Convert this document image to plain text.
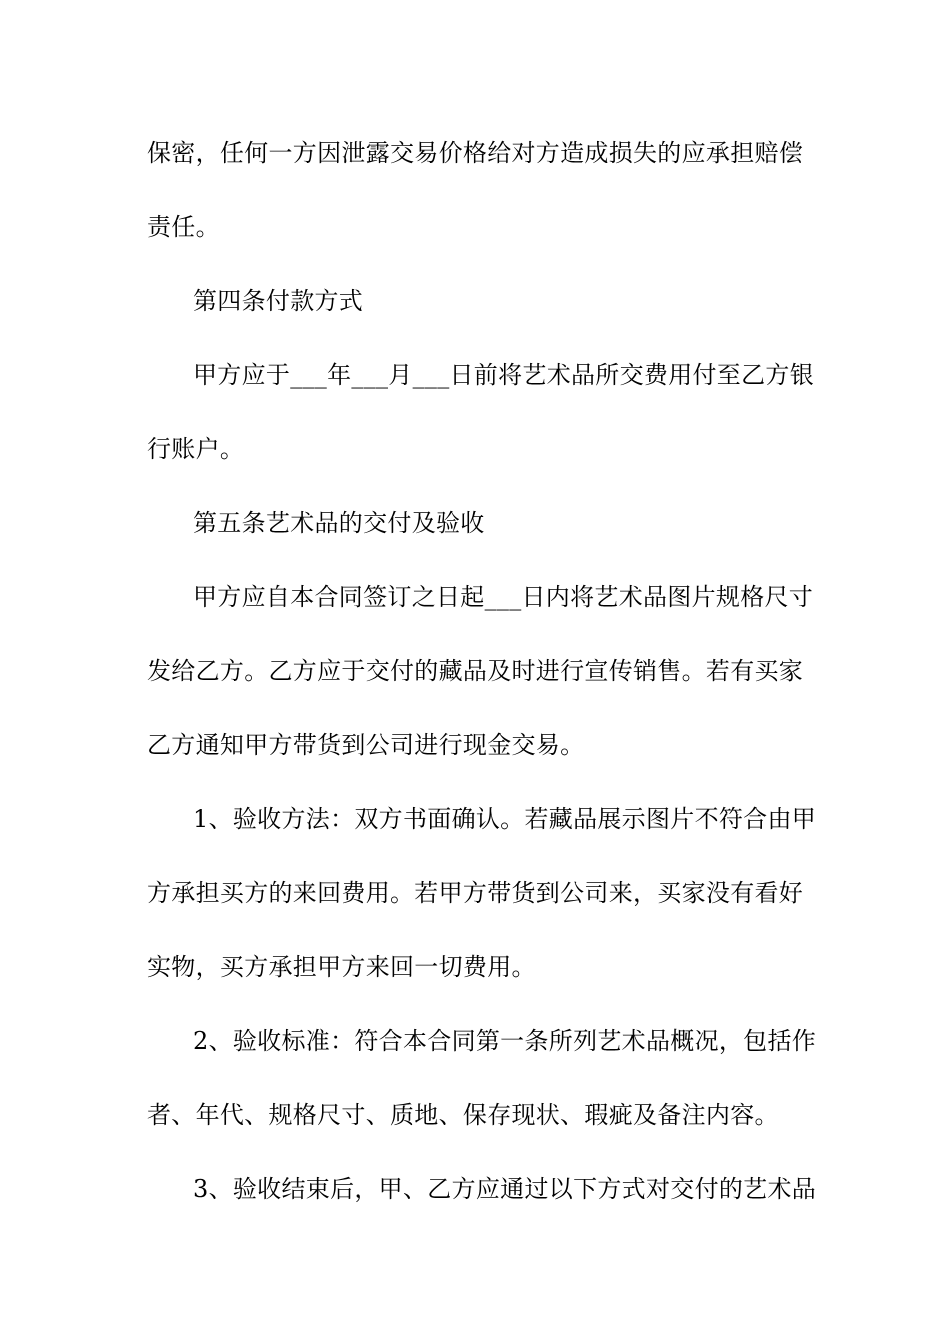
保密，任何一方因泄露交易价格给对方造成损失的应承担赔偿
责任。
第四条付款方式
甲方应于___年___月___日前将艺术品所交费用付至乙方银
行账户。
第五条艺术品的交付及验收
甲方应自本合同签订之日起___日内将艺术品图片规格尺寸
发给乙方。乙方应于交付的藏品及时进行宣传销售。若有买家
乙方通知甲方带货到公司进行现金交易。
1、验收方法：双方书面确认。若藏品展示图片不符合由甲
方承担买方的来回费用。若甲方带货到公司来，买家没有看好
实物，买方承担甲方来回一切费用。
2、验收标准：符合本合同第一条所列艺术品概况，包括作
者、年代、规格尺寸、质地、保存现状、瑕疵及备注内容。
3、验收结束后，甲、乙方应通过以下方式对交付的艺术品
